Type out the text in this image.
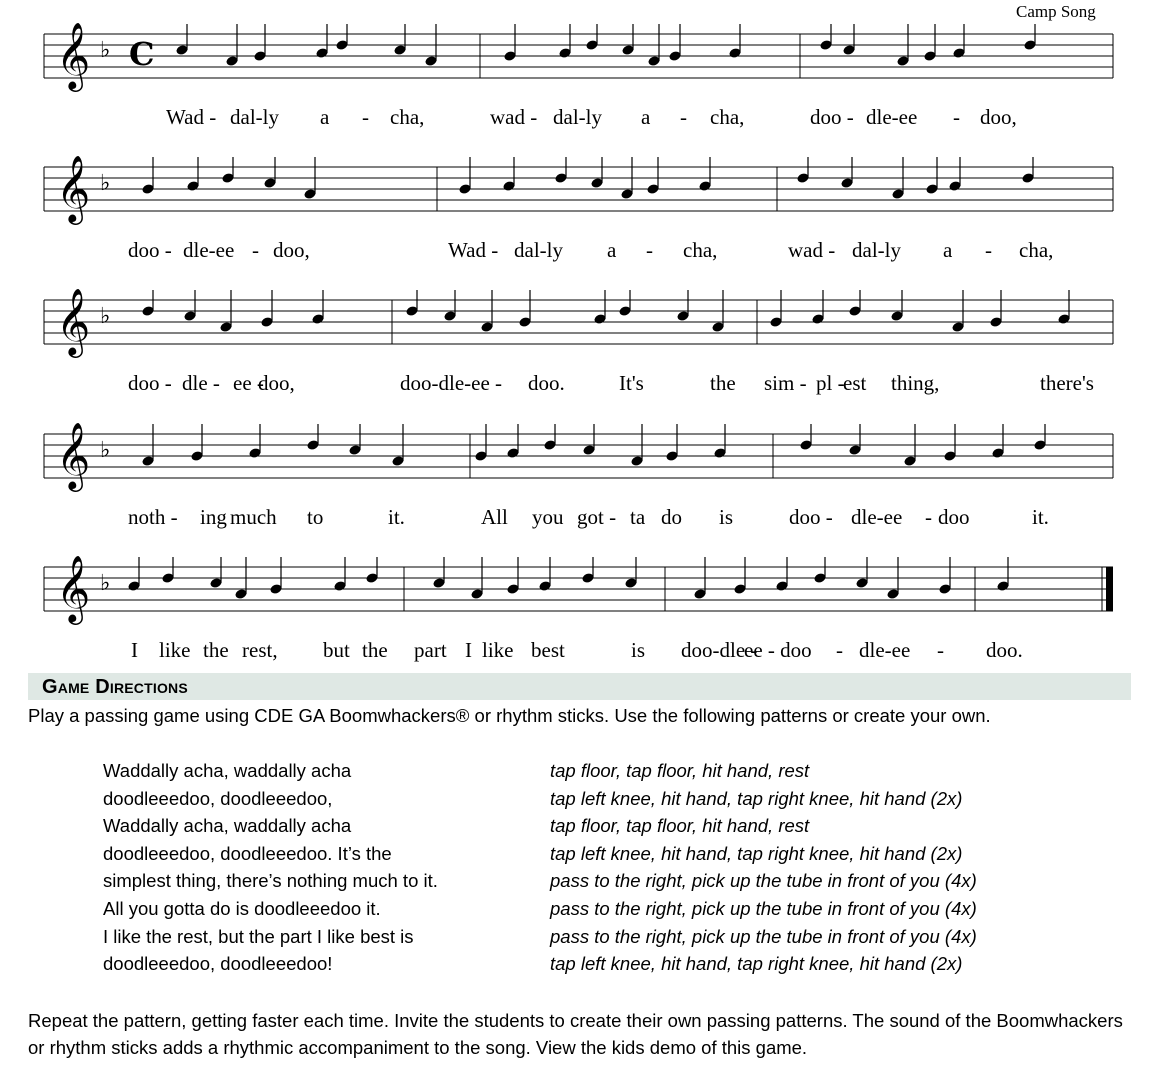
Camp Song
𝄞 ♭ C
Wad - dal-ly a - cha,	wad - dal-ly a - cha,	doo - dle-ee - doo,
𝄞 ♭
doo - dle-ee - doo,	Wad - dal-ly a - cha,	wad - dal-ly a - cha,
𝄞 ♭
doo - dle - ee -
doo,	doo-dle-ee - doo.	It's	the sim - pl -
est thing,	there's
𝄞 ♭
noth - ing much to	it.	All you got - ta do is	doo - dle-ee - doo	it.
𝄞 ♭
I like the rest, but the part I like best	is doo-dle -
ee - doo - dle-ee - doo.
Game Directions
Play a passing game using CDE GA Boomwhackers® or rhythm sticks. Use the following patterns or create your own.
Waddally acha, waddally acha	tap floor, tap floor, hit hand, rest
doodleeedoo, doodleeedoo,	tap left knee, hit hand, tap right knee, hit hand (2x)
Waddally acha, waddally acha	tap floor, tap floor, hit hand, rest
doodleeedoo, doodleeedoo. It’s the	tap left knee, hit hand, tap right knee, hit hand (2x)
simplest thing, there’s nothing much to it.	pass to the right, pick up the tube in front of you (4x)
All you gotta do is doodleeedoo it.	pass to the right, pick up the tube in front of you (4x)
I like the rest, but the part I like best is	pass to the right, pick up the tube in front of you (4x)
doodleeedoo, doodleeedoo!	tap left knee, hit hand, tap right knee, hit hand (2x)
Repeat the pattern, getting faster each time. Invite the students to create their own passing patterns. The sound of the Boomwhackers or rhythm sticks adds a rhythmic accompaniment to the song. View the kids demo of this game.
